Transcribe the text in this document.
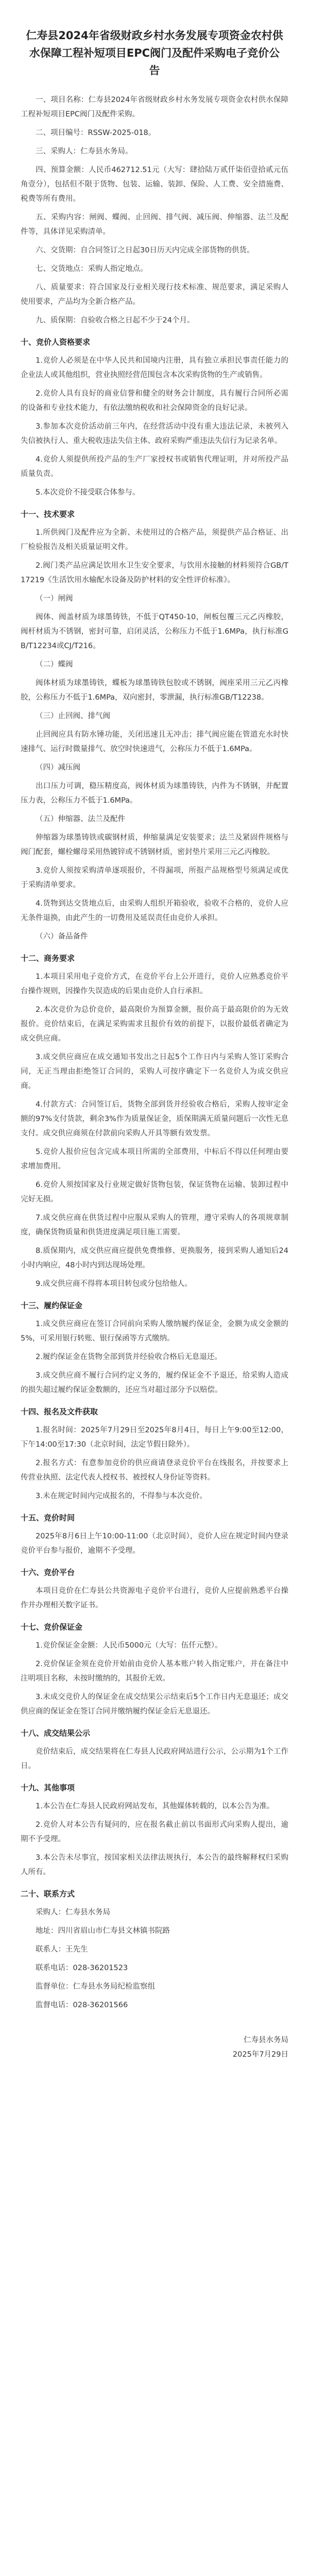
仁寿县2024年省级财政乡村水务发展专项资金农村供水保障工程补短项目EPC阀门及配件采购电子竞价公告

一、项目名称：仁寿县2024年省级财政乡村水务发展专项资金农村供水保障工程补短项目EPC阀门及配件采购。

二、项目编号：RSSW-2025-018。

三、采购人：仁寿县水务局。

四、预算金额：人民币462712.51元（大写：肆拾陆万贰仟柒佰壹拾贰元伍角壹分），包括但不限于货物、包装、运输、装卸、保险、人工费、安全措施费、税费等所有费用。

五、采购内容：闸阀、蝶阀、止回阀、排气阀、减压阀、伸缩器、法兰及配件等，具体详见采购清单。

六、交货期：自合同签订之日起30日历天内完成全部货物的供货。

七、交货地点：采购人指定地点。

八、质量要求：符合国家及行业相关现行技术标准、规范要求，满足采购人使用要求，产品均为全新合格产品。

九、质保期：自验收合格之日起不少于24个月。

十、竞价人资格要求

1.竞价人必须是在中华人民共和国境内注册，具有独立承担民事责任能力的企业法人或其他组织，营业执照经营范围包含本次采购货物的生产或销售。

2.竞价人具有良好的商业信誉和健全的财务会计制度，具有履行合同所必需的设备和专业技术能力，有依法缴纳税收和社会保障资金的良好记录。

3.参加本次竞价活动前三年内，在经营活动中没有重大违法记录，未被列入失信被执行人、重大税收违法失信主体、政府采购严重违法失信行为记录名单。

4.竞价人须提供所投产品的生产厂家授权书或销售代理证明，并对所投产品质量负责。

5.本次竞价不接受联合体参与。

十一、技术要求

1.所供阀门及配件应为全新、未使用过的合格产品，须提供产品合格证、出厂检验报告及相关质量证明文件。

2.阀门类产品应满足饮用水卫生安全要求，与饮用水接触的材料须符合GB/T17219《生活饮用水输配水设备及防护材料的安全性评价标准》。

（一）闸阀

阀体、阀盖材质为球墨铸铁，不低于QT450-10，闸板包覆三元乙丙橡胶，阀杆材质为不锈钢，密封可靠，启闭灵活，公称压力不低于1.6MPa，执行标准GB/T12234或CJ/T216。

（二）蝶阀

阀体材质为球墨铸铁，蝶板为球墨铸铁包胶或不锈钢，阀座采用三元乙丙橡胶，公称压力不低于1.6MPa，双向密封，零泄漏，执行标准GB/T12238。

（三）止回阀、排气阀

止回阀应具有防水锤功能，关闭迅速且无冲击；排气阀应能在管道充水时快速排气、运行时微量排气、放空时快速进气，公称压力不低于1.6MPa。

（四）减压阀

出口压力可调，稳压精度高，阀体材质为球墨铸铁，内件为不锈钢，并配置压力表，公称压力不低于1.6MPa。

（五）伸缩器、法兰及配件

伸缩器为球墨铸铁或碳钢材质，伸缩量满足安装要求；法兰及紧固件规格与阀门配套，螺栓螺母采用热镀锌或不锈钢材质，密封垫片采用三元乙丙橡胶。

3.竞价人须按采购清单逐项报价，不得漏项，所报产品规格型号须满足或优于采购清单要求。

4.货物到达交货地点后，由采购人组织开箱验收，验收不合格的，竞价人应无条件退换，由此产生的一切费用及延误责任由竞价人承担。

（六）备品备件

十二、商务要求

1.本项目采用电子竞价方式，在竞价平台上公开进行，竞价人应熟悉竞价平台操作规则，因操作失误造成的后果由竞价人自行承担。

2.本次竞价为总价竞价，最高限价为预算金额，报价高于最高限价的为无效报价。竞价结束后，在满足采购需求且报价有效的前提下，以报价最低者确定为成交供应商。

3.成交供应商应在成交通知书发出之日起5个工作日内与采购人签订采购合同，无正当理由拒绝签订合同的，采购人可按序确定下一名竞价人为成交供应商。

4.付款方式：合同签订后，货物全部到货并经验收合格后，采购人按审定金额的97%支付货款，剩余3%作为质量保证金，质保期满无质量问题后一次性无息支付。成交供应商须在付款前向采购人开具等额有效发票。

5.竞价人报价应包含完成本项目所需的全部费用，中标后不得以任何理由要求增加费用。

6.竞价人须按国家及行业规定做好货物包装，保证货物在运输、装卸过程中完好无损。

7.成交供应商在供货过程中应服从采购人的管理，遵守采购人的各项规章制度，确保货物质量和供货进度满足项目施工需要。

8.质保期内，成交供应商应提供免费维修、更换服务，接到采购人通知后24小时内响应，48小时内到达现场处理。

9.成交供应商不得将本项目转包或分包给他人。

十三、履约保证金

1.成交供应商应在签订合同前向采购人缴纳履约保证金，金额为成交金额的5%，可采用银行转账、银行保函等方式缴纳。

2.履约保证金在货物全部到货并经验收合格后无息退还。

3.成交供应商不履行合同约定义务的，履约保证金不予退还，给采购人造成的损失超过履约保证金数额的，还应当对超过部分予以赔偿。

十四、报名及文件获取

1.报名时间：2025年7月29日至2025年8月4日，每日上午9:00至12:00，下午14:00至17:30（北京时间，法定节假日除外）。

2.报名方式：有意参加竞价的供应商请登录竞价平台在线报名，并按要求上传营业执照、法定代表人授权书、被授权人身份证等资料。

3.未在规定时间内完成报名的，不得参与本次竞价。

十五、竞价时间

2025年8月6日上午10:00-11:00（北京时间），竞价人应在规定时间内登录竞价平台参与报价，逾期不予受理。

十六、竞价平台

本项目竞价在仁寿县公共资源电子竞价平台进行，竞价人应提前熟悉平台操作并办理相关数字证书。

十七、竞价保证金

1.竞价保证金金额：人民币5000元（大写：伍仟元整）。

2.竞价保证金须在竞价开始前由竞价人基本账户转入指定账户，并在备注中注明项目名称，未按时缴纳的，其报价无效。

3.未成交竞价人的保证金在成交结果公示结束后5个工作日内无息退还；成交供应商的保证金在签订合同并缴纳履约保证金后无息退还。

十八、成交结果公示

竞价结束后，成交结果将在仁寿县人民政府网站进行公示，公示期为1个工作日。

十九、其他事项

1.本公告在仁寿县人民政府网站发布，其他媒体转载的，以本公告为准。

2.竞价人对本公告有疑问的，应在报名截止前以书面形式向采购人提出，逾期不予受理。

3.本公告未尽事宜，按国家相关法律法规执行，本公告的最终解释权归采购人所有。

二十、联系方式

采购人：仁寿县水务局

地址：四川省眉山市仁寿县文林镇书院路

联系人：王先生

联系电话：028-36201523

监督单位：仁寿县水务局纪检监察组

监督电话：028-36201566

仁寿县水务局

2025年7月29日
